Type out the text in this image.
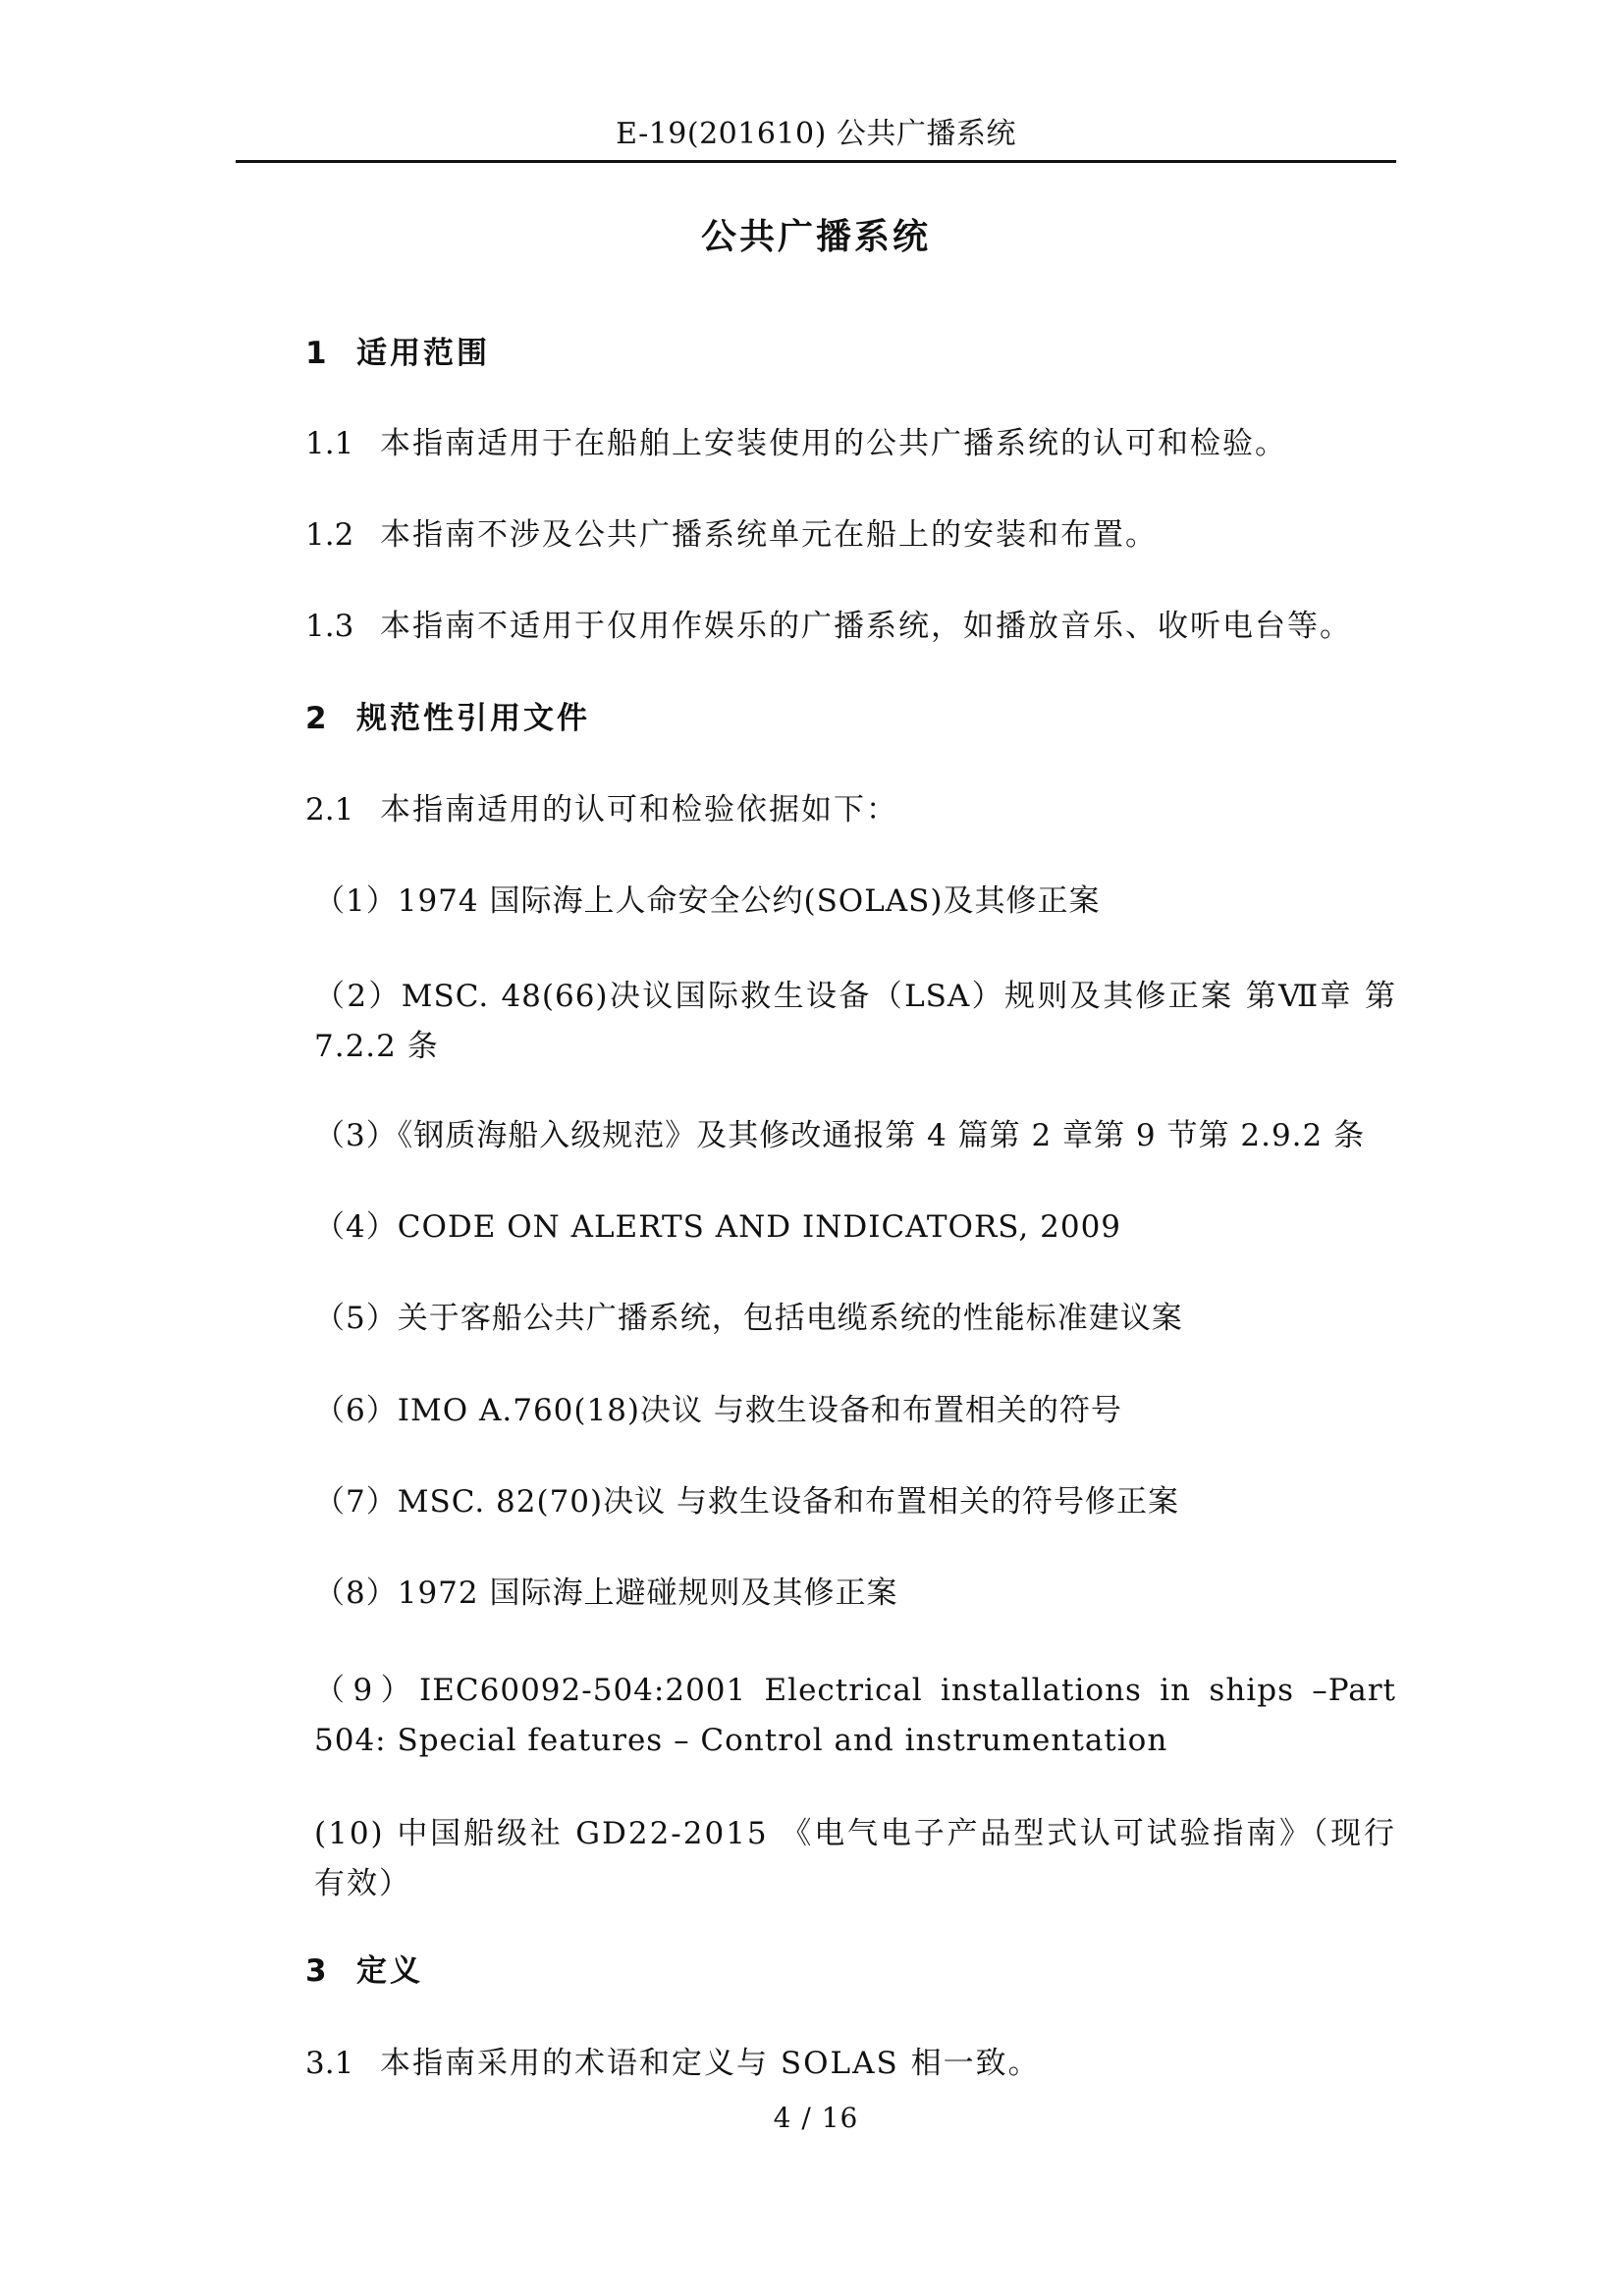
E-19(201610) 公共广播系统
公共广播系统
1 适用范围
1.1 本指南适用于在船舶上安装使用的公共广播系统的认可和检验。
1.2 本指南不涉及公共广播系统单元在船上的安装和布置。
1.3 本指南不适用于仅用作娱乐的广播系统，如播放音乐、收听电台等。
2 规范性引用文件
2.1 本指南适用的认可和检验依据如下：
（1）1974 国际海上人命安全公约(SOLAS)及其修正案
（2）MSC. 48(66)决议国际救生设备（LSA）规则及其修正案 第Ⅶ章 第 7.2.2 条
（3）《钢质海船入级规范》及其修改通报第 4 篇第 2 章第 9 节第 2.9.2 条
（4）CODE ON ALERTS AND INDICATORS, 2009
（5）关于客船公共广播系统，包括电缆系统的性能标准建议案
（6）IMO A.760(18)决议 与救生设备和布置相关的符号
（7）MSC. 82(70)决议 与救生设备和布置相关的符号修正案
（8）1972 国际海上避碰规则及其修正案
（9）IEC60092-504:2001 Electrical installations in ships –Part 504: Special features – Control and instrumentation
(10) 中国船级社 GD22-2015 《电气电子产品型式认可试验指南》（现行有效）
3 定义
3.1 本指南采用的术语和定义与 SOLAS 相一致。
4 / 16
